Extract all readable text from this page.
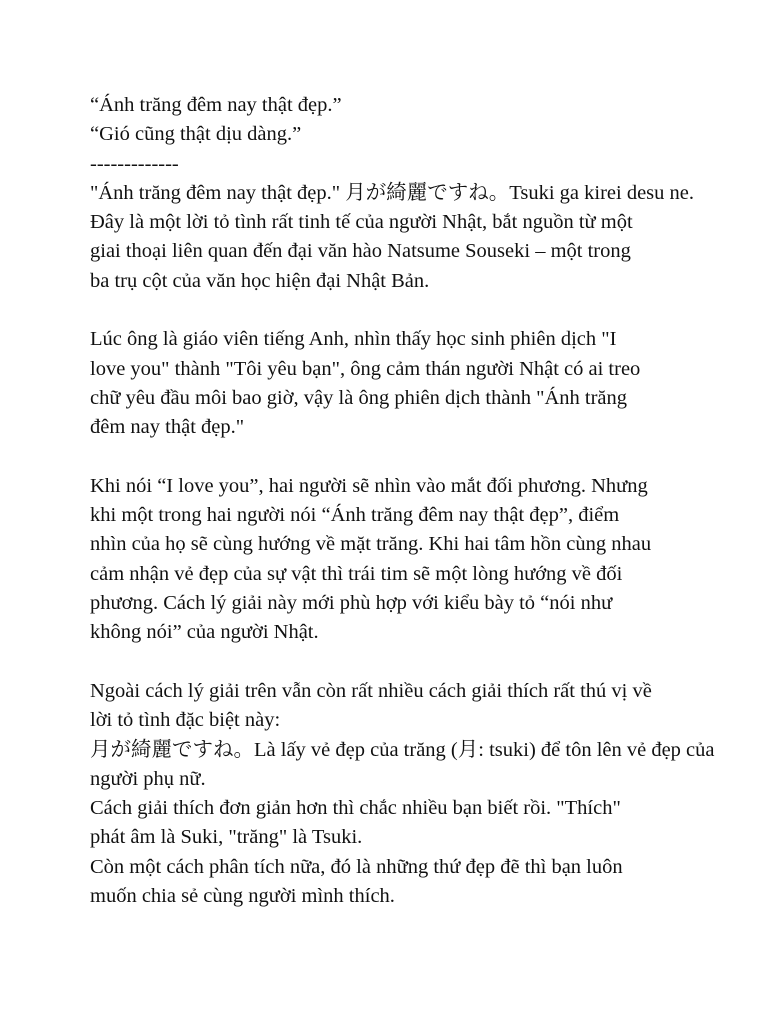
“Ánh trăng đêm nay thật đẹp.”
“Gió cũng thật dịu dàng.”
-------------
"Ánh trăng đêm nay thật đẹp." 月が綺麗ですね。Tsuki ga kirei desu ne.
Đây là một lời tỏ tình rất tinh tế của người Nhật, bắt nguồn từ một
giai thoại liên quan đến đại văn hào Natsume Souseki – một trong
ba trụ cột của văn học hiện đại Nhật Bản.
Lúc ông là giáo viên tiếng Anh, nhìn thấy học sinh phiên dịch "I
love you" thành "Tôi yêu bạn", ông cảm thán người Nhật có ai treo
chữ yêu đầu môi bao giờ, vậy là ông phiên dịch thành "Ánh trăng
đêm nay thật đẹp."
Khi nói “I love you”, hai người sẽ nhìn vào mắt đối phương. Nhưng
khi một trong hai người nói “Ánh trăng đêm nay thật đẹp”, điểm
nhìn của họ sẽ cùng hướng về mặt trăng. Khi hai tâm hồn cùng nhau
cảm nhận vẻ đẹp của sự vật thì trái tim sẽ một lòng hướng về đối
phương. Cách lý giải này mới phù hợp với kiểu bày tỏ “nói như
không nói” của người Nhật.
Ngoài cách lý giải trên vẫn còn rất nhiều cách giải thích rất thú vị về
lời tỏ tình đặc biệt này:
月が綺麗ですね。Là lấy vẻ đẹp của trăng (月: tsuki) để tôn lên vẻ đẹp của
người phụ nữ.
Cách giải thích đơn giản hơn thì chắc nhiều bạn biết rồi. "Thích"
phát âm là Suki, "trăng" là Tsuki.
Còn một cách phân tích nữa, đó là những thứ đẹp đẽ thì bạn luôn
muốn chia sẻ cùng người mình thích.
